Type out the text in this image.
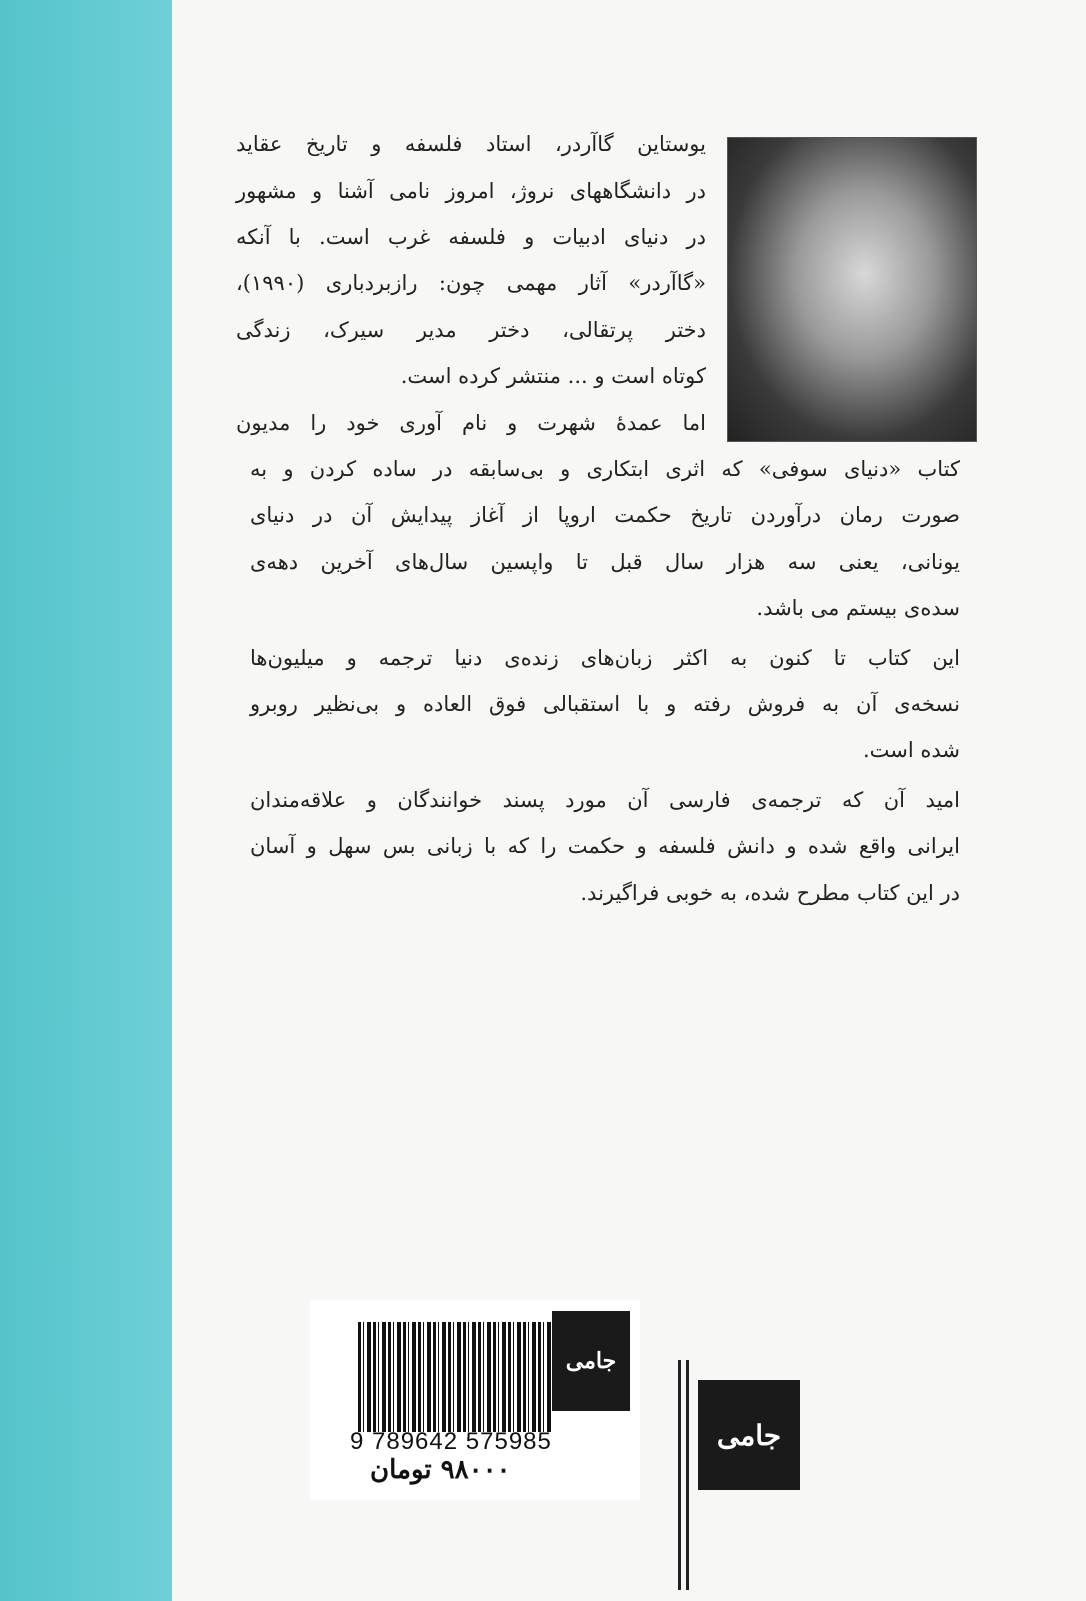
یوستاین گاآردر، استاد فلسفه و تاریخ عقاید
در دانشگاههای نروژ، امروز نامی آشنا و مشهور
در دنیای ادبیات و فلسفه غرب است. با آنکه
«گاآردر» آثار مهمی چون: رازبردباری (۱۹۹۰)،
دختر پرتقالی، دختر مدیر سیرک، زندگی
کوتاه است و ... منتشر کرده است.
اما عمدهٔ شهرت و نام آوری خود را مدیون
کتاب «دنیای سوفی» که اثری ابتکاری و بی‌سابقه در ساده کردن و به
صورت رمان درآوردن تاریخ حکمت اروپا از آغاز پیدایش آن در دنیای
یونانی، یعنی سه هزار سال قبل تا واپسین سال‌های آخرین دهه‌ی
سده‌ی بیستم می باشد.
این کتاب تا کنون به اکثر زبان‌های زنده‌ی دنیا ترجمه و میلیون‌ها
نسخه‌ی آن به فروش رفته و با استقبالی فوق العاده و بی‌نظیر روبرو
شده است.
امید آن که ترجمه‌ی فارسی آن مورد پسند خوانندگان و علاقه‌مندان
ایرانی واقع شده و دانش فلسفه و حکمت را که با زبانی بس سهل و آسان
در این کتاب مطرح شده، به خوبی فراگیرند.
9 789642 575985
۹۸۰۰۰ تومان
جامی
جامی
